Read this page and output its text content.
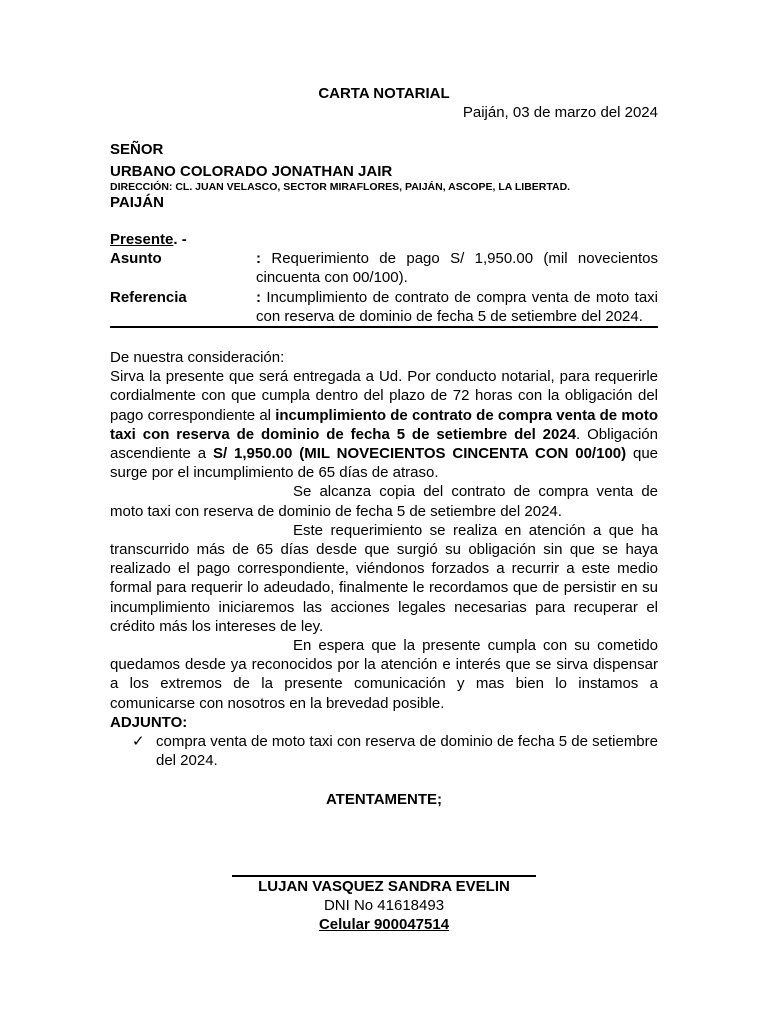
CARTA NOTARIAL
Paiján, 03 de marzo del 2024
SEÑOR
URBANO COLORADO JONATHAN JAIR
DIRECCIÓN: CL. JUAN VELASCO, SECTOR MIRAFLORES, PAIJÁN, ASCOPE, LA LIBERTAD.
PAIJÁN
Presente. -
Asunto	: Requerimiento de pago S/ 1,950.00 (mil novecientos cincuenta con 00/100).
Referencia	: Incumplimiento de contrato de compra venta de moto taxi con reserva de dominio de fecha 5 de setiembre del 2024.
De nuestra consideración:
Sirva la presente que será entregada a Ud. Por conducto notarial, para requerirle cordialmente con que cumpla dentro del plazo de 72 horas con la obligación del pago correspondiente al incumplimiento de contrato de compra venta de moto taxi con reserva de dominio de fecha 5 de setiembre del 2024. Obligación ascendiente a S/ 1,950.00 (MIL NOVECIENTOS CINCENTA CON 00/100) que surge por el incumplimiento de 65 días de atraso.
Se alcanza copia del contrato de compra venta de moto taxi con reserva de dominio de fecha 5 de setiembre del 2024.
Este requerimiento se realiza en atención a que ha transcurrido más de 65 días desde que surgió su obligación sin que se haya realizado el pago correspondiente, viéndonos forzados a recurrir a este medio formal para requerir lo adeudado, finalmente le recordamos que de persistir en su incumplimiento iniciaremos las acciones legales necesarias para recuperar el crédito más los intereses de ley.
En espera que la presente cumpla con su cometido quedamos desde ya reconocidos por la atención e interés que se sirva dispensar a los extremos de la presente comunicación y mas bien lo instamos a comunicarse con nosotros en la brevedad posible.
ADJUNTO:
✓ compra venta de moto taxi con reserva de dominio de fecha 5 de setiembre del 2024.
ATENTAMENTE;
LUJAN VASQUEZ SANDRA EVELIN
DNI No 41618493
Celular 900047514
